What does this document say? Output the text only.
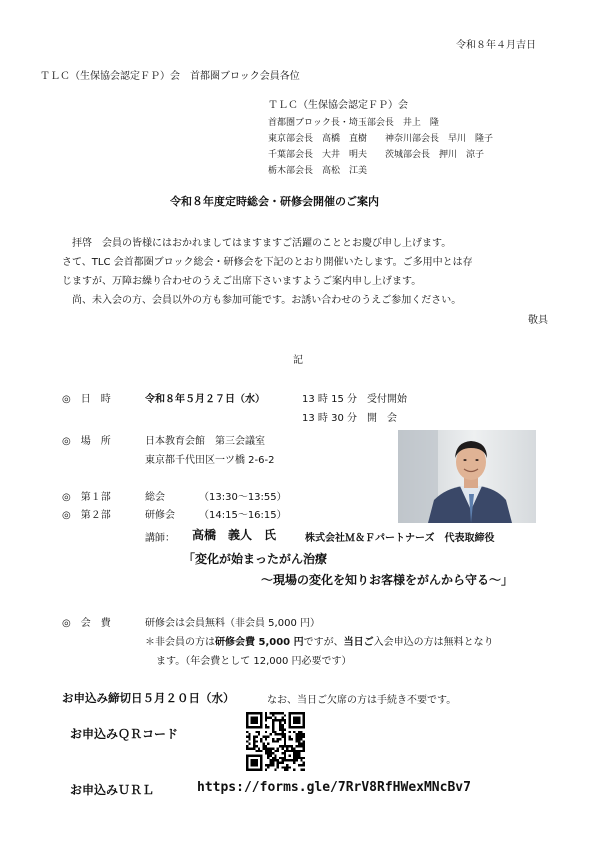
令和８年４月吉日
ＴＬＣ（生保協会認定ＦＰ）会　首都圏ブロック会員各位
ＴＬＣ（生保協会認定ＦＰ）会
首都圏ブロック長・埼玉部会長　井上　隆
東京部会長　高橋　直樹　　神奈川部会長　早川　隆子
千葉部会長　大井　明夫　　茨城部会長　押川　涼子
栃木部会長　高松　江美
令和８年度定時総会・研修会開催のご案内
拝啓　会員の皆様にはおかれましてはますますご活躍のこととお慶び申し上げます。
さて、TLC 会首都圏ブロック総会・研修会を下記のとおり開催いたします。ご多用中とは存
じますが、万障お繰り合わせのうえご出席下さいますようご案内申し上げます。
尚、未入会の方、会員以外の方も参加可能です。お誘い合わせのうえご参加ください。
敬具
記
◎　日　時	令和８年５月２７日（水）	13 時 15 分　受付開始
13 時 30 分　開　会
◎　場　所	日本教育会館　第三会議室
東京都千代田区一ツ橋 2-6-2
◎　第１部	総会	（13:30～13:55）
◎　第２部	研修会 （14:15～16:15）
講師： 高橋　義人　氏	株式会社Ｍ＆Ｆパートナーズ　代表取締役
「変化が始まったがん治療
～現場の変化を知りお客様をがんから守る～」
◎　会　費	研修会は会員無料（非会員 5,000 円）
＊非会員の方は研修会費 5,000 円ですが、当日ご入会申込の方は無料となり
ます。（年会費として 12,000 円必要です）
お申込み締切日５月２０日（水）	なお、当日ご欠席の方は手続き不要です。
お申込みＱＲコード
お申込みＵＲＬ	https://forms.gle/7RrV8RfHWexMNcBv7
